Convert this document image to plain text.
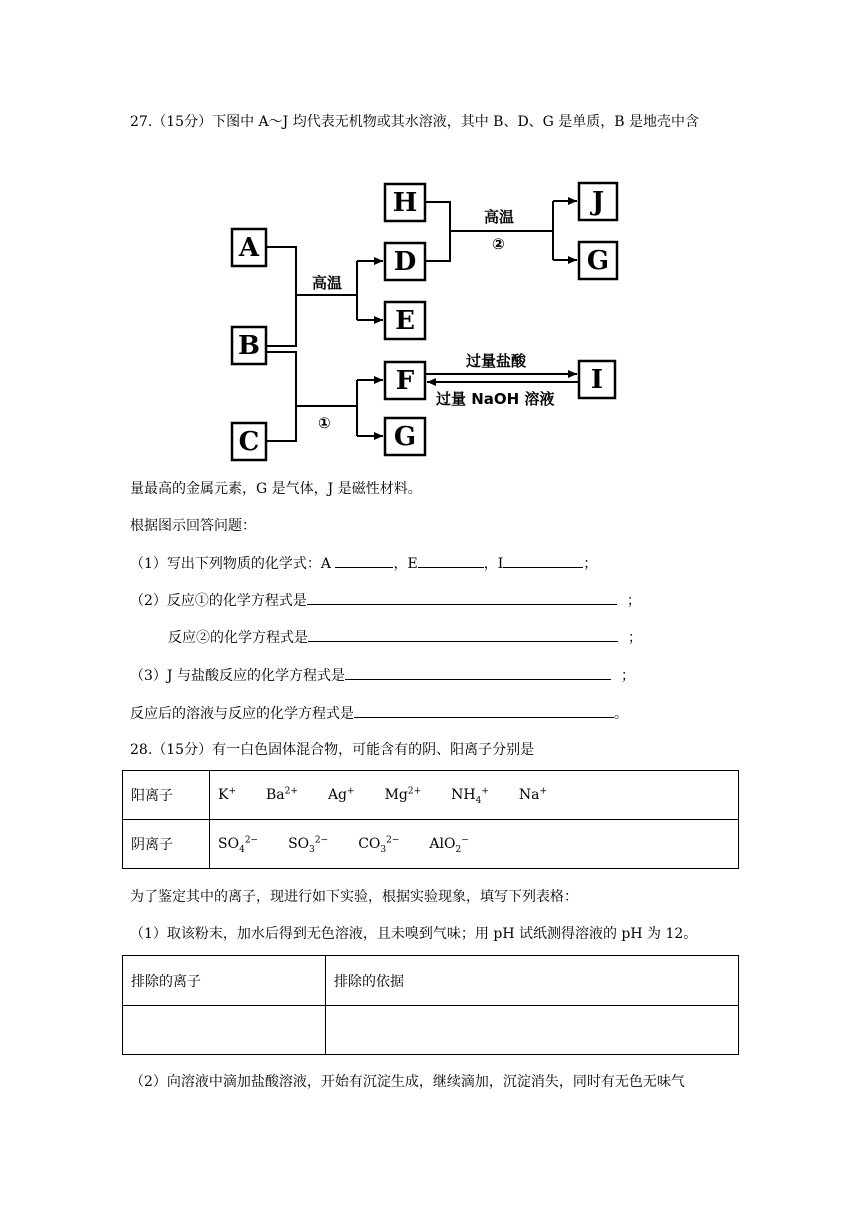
27.（15分）下图中 A～J 均代表无机物或其水溶液，其中 B、D、G 是单质，B 是地壳中含
A
B
C
H
D
E
F
G
J
G
I
高温
高温
②
①
过量盐酸
过量 NaOH 溶液
量最高的金属元素，G 是气体，J 是磁性材料。
根据图示回答问题：
（1）写出下列物质的化学式：A	，E	，I	；
（2）反应①的化学方程式是	；
反应②的化学方程式是	；
（3）J 与盐酸反应的化学方程式是	；
反应后的溶液与反应的化学方程式是	。
28.（15分）有一白色固体混合物，可能含有的阴、阳离子分别是
阳离子	K+ $Ba^{2+}$ Ag+ $Mg^{2+}$ $NH_4^+$ Na+
阴离子	$SO_4^{2-}$ $SO_3^{2-}$ $CO_3^{2-}$ AlO$_2$−
为了鉴定其中的离子，现进行如下实验，根据实验现象，填写下列表格：
（1）取该粉末，加水后得到无色溶液，且未嗅到气味；用 pH 试纸测得溶液的 pH 为 12。
排除的离子	排除的依据

（2）向溶液中滴加盐酸溶液，开始有沉淀生成，继续滴加，沉淀消失，同时有无色无味气
